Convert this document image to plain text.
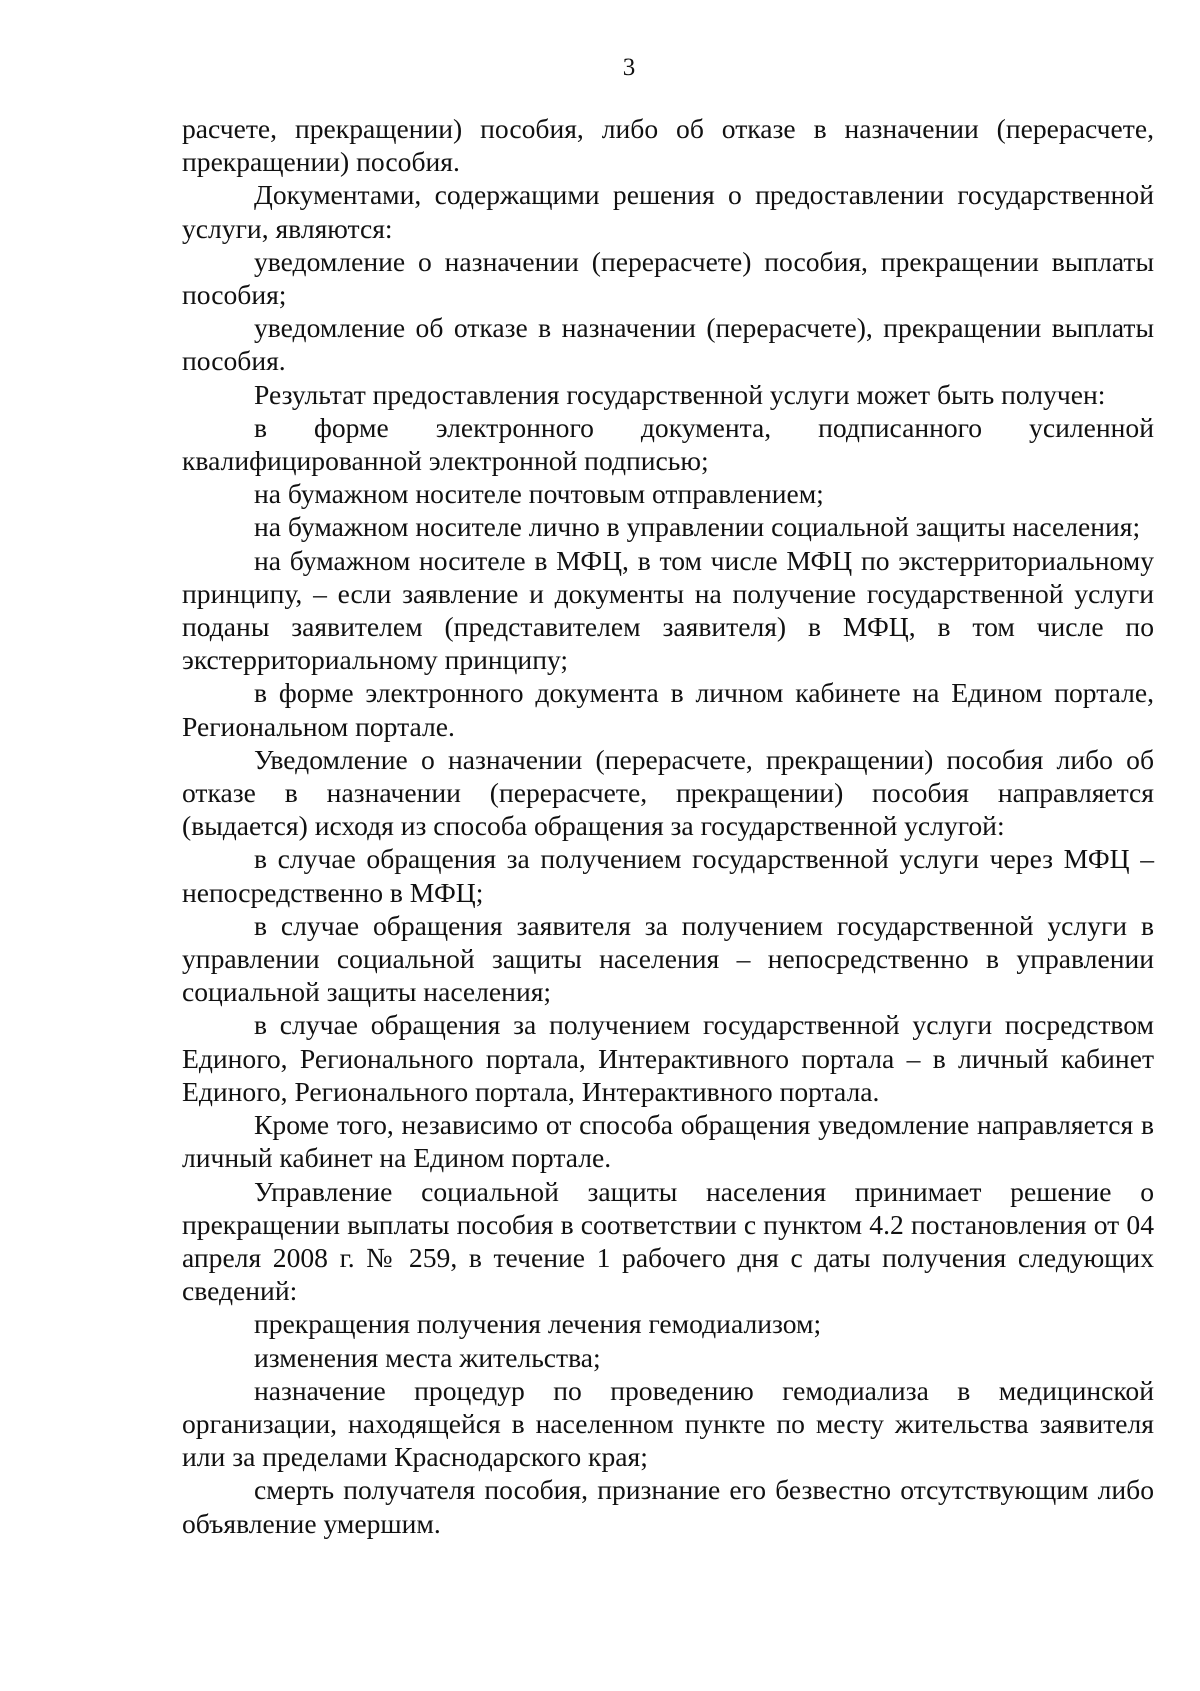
3

расчете, прекращении) пособия, либо об отказе в назначении (перерасчете, прекращении) пособия.

Документами, содержащими решения о предоставлении государственной услуги, являются:

уведомление о назначении (перерасчете) пособия, прекращении выплаты пособия;

уведомление об отказе в назначении (перерасчете), прекращении выплаты пособия.

Результат предоставления государственной услуги может быть получен:

в форме электронного документа, подписанного усиленной квалифицированной электронной подписью;

на бумажном носителе почтовым отправлением;

на бумажном носителе лично в управлении социальной защиты населения;

на бумажном носителе в МФЦ, в том числе МФЦ по экстерриториальному принципу, – если заявление и документы на получение государственной услуги поданы заявителем (представителем заявителя) в МФЦ, в том числе по экстерриториальному принципу;

в форме электронного документа в личном кабинете на Едином портале, Региональном портале.

Уведомление о назначении (перерасчете, прекращении) пособия либо об отказе в назначении (перерасчете, прекращении) пособия направляется (выдается) исходя из способа обращения за государственной услугой:

в случае обращения за получением государственной услуги через МФЦ – непосредственно в МФЦ;

в случае обращения заявителя за получением государственной услуги в управлении социальной защиты населения – непосредственно в управлении социальной защиты населения;

в случае обращения за получением государственной услуги посредством Единого, Регионального портала, Интерактивного портала – в личный кабинет Единого, Регионального портала, Интерактивного портала.

Кроме того, независимо от способа обращения уведомление направляется в личный кабинет на Едином портале.

Управление социальной защиты населения принимает решение о прекращении выплаты пособия в соответствии с пунктом 4.2 постановления от 04 апреля 2008 г. № 259, в течение 1 рабочего дня с даты получения следующих сведений:

прекращения получения лечения гемодиализом;

изменения места жительства;

назначение процедур по проведению гемодиализа в медицинской организации, находящейся в населенном пункте по месту жительства заявителя или за пределами Краснодарского края;

смерть получателя пособия, признание его безвестно отсутствующим либо объявление умершим.
